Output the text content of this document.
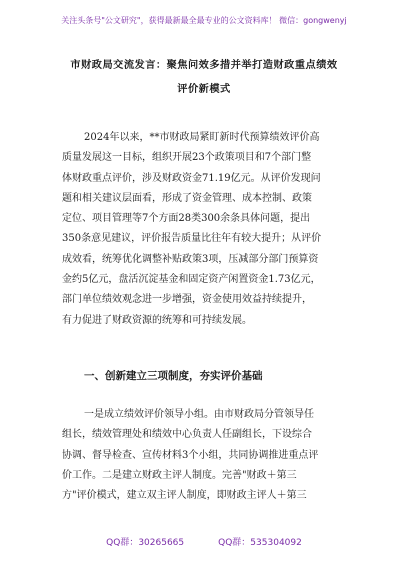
关注头条号"公文研究"，获得最新最全最专业的公文资料库！ 微信：gongwenyj
市财政局交流发言：聚焦问效多措并举打造财政重点绩效
评价新模式
2024年以来，**市财政局紧盯新时代预算绩效评价高
质量发展这一目标，组织开展23个政策项目和7个部门整
体财政重点评价，涉及财政资金71.19亿元。从评价发现问
题和相关建议层面看，形成了资金管理、成本控制、政策
定位、项目管理等7个方面28类300余条具体问题，提出
350条意见建议，评价报告质量比往年有较大提升；从评价
成效看，统筹优化调整补贴政策3项，压减部分部门预算资
金约5亿元，盘活沉淀基金和固定资产闲置资金1.73亿元，
部门单位绩效观念进一步增强，资金使用效益持续提升，
有力促进了财政资源的统筹和可持续发展。
一、创新建立三项制度，夯实评价基础
一是成立绩效评价领导小组。由市财政局分管领导任
组长，绩效管理处和绩效中心负责人任副组长，下设综合
协调、督导检查、宣传材料3个小组，共同协调推进重点评
价工作。二是建立财政主评人制度。完善"财政＋第三
方"评价模式，建立双主评人制度，即财政主评人＋第三
QQ群：30265665	QQ群：535304092
